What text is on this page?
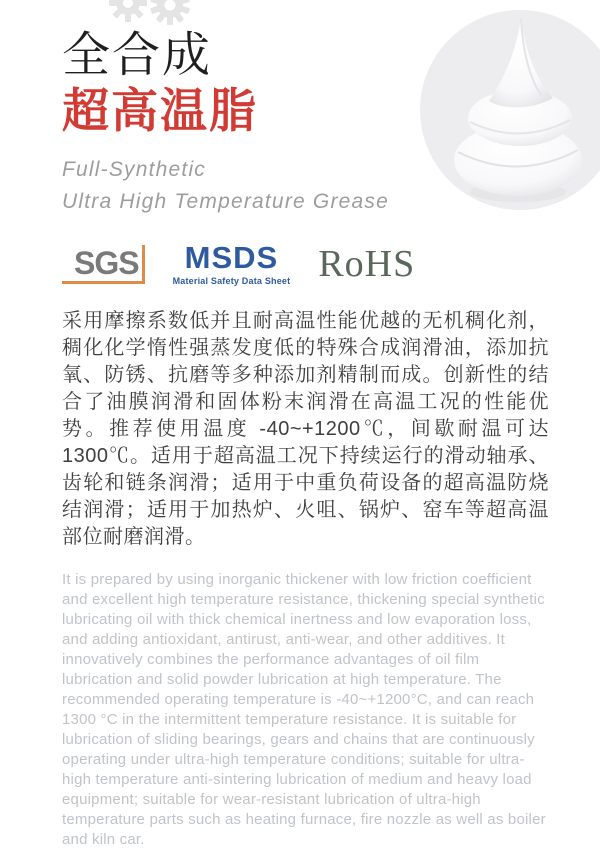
全合成
超高温脂

Full-Synthetic
Ultra High Temperature Grease

SGS MSDS
Material Safety Data Sheet RoHS

采用摩擦系数低并且耐高温性能优越的无机稠化剂，稠化化学惰性强蒸发度低的特殊合成润滑油，添加抗氧、防锈、抗磨等多种添加剂精制而成。创新性的结合了油膜润滑和固体粉末润滑在高温工况的性能优势。推荐使用温度 -40~+1200℃，间歇耐温可达 1300℃。适用于超高温工况下持续运行的滑动轴承、齿轮和链条润滑；适用于中重负荷设备的超高温防烧结润滑；适用于加热炉、火咀、锅炉、窑车等超高温部位耐磨润滑。

It is prepared by using inorganic thickener with low friction coefficient and excellent high temperature resistance, thickening special synthetic lubricating oil with thick chemical inertness and low evaporation loss, and adding antioxidant, antirust, anti-wear, and other additives. It innovatively combines the performance advantages of oil film lubrication and solid powder lubrication at high temperature. The recommended operating temperature is -40~+1200°C, and can reach 1300 °C in the intermittent temperature resistance. It is suitable for lubrication of sliding bearings, gears and chains that are continuously operating under ultra-high temperature conditions; suitable for ultra-high temperature anti-sintering lubrication of medium and heavy load equipment; suitable for wear-resistant lubrication of ultra-high temperature parts such as heating furnace, fire nozzle as well as boiler and kiln car.
